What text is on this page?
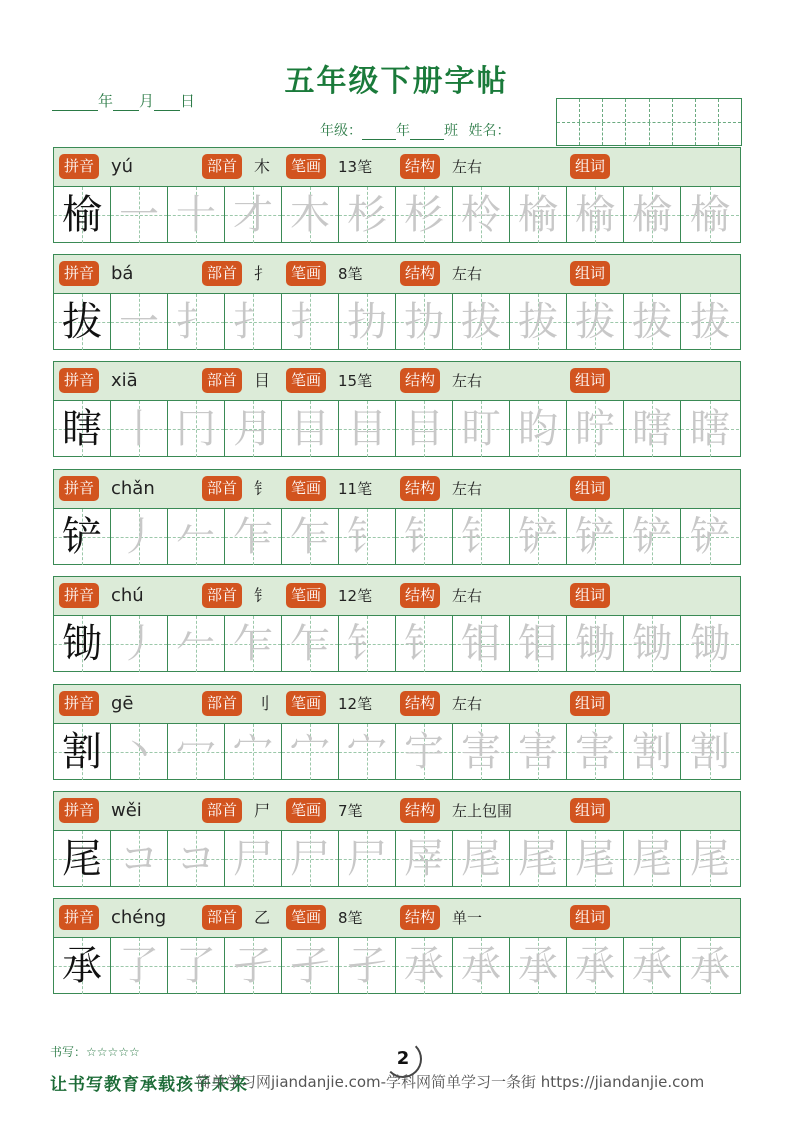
五年级下册字帖
年 月 日
年级： 年 班 姓名：
拼音 yú	部首	木	笔画	13笔	结构	左右	组词
榆 一 十 才 木 杉 杉 柃 榆 榆 榆 榆
拼音 bá	部首	扌	笔画	8笔	结构	左右	组词
拔 一 扌 扌 扌 扐 扐 拔 拔 拔 拔 拔
拼音 xiā	部首	目	笔画	15笔	结构	左右	组词
瞎 丨 冂 月 目 目 目 盯 盷 眝 瞎 瞎
拼音 chǎn	部首	钅	笔画	11笔	结构	左右	组词
铲 丿 𠂉 乍 乍 钅 钅 钅 铲 铲 铲 铲
拼音 chú	部首	钅	笔画	12笔	结构	左右	组词
锄 丿 𠂉 乍 乍 钅 钅 钼 钼 锄 锄 锄
拼音 gē	部首	刂	笔画	12笔	结构	左右	组词
割 丶 冖 宀 宀 宀 宇 害 害 害 割 割
拼音 wěi	部首	尸	笔画	7笔	结构	左上包围	组词
尾 コ コ 尸 尸 尸 屖 尾 尾 尾 尾 尾
拼音 chéng	部首	乙	笔画	8笔	结构	单一	组词
承 了 了 孑 孑 孑 承 承 承 承 承 承
书写：☆☆☆☆☆	2
让书写教育承载孩子未来
简单学习网jiandanjie.com-学科网简单学习一条街 https://jiandanjie.com
